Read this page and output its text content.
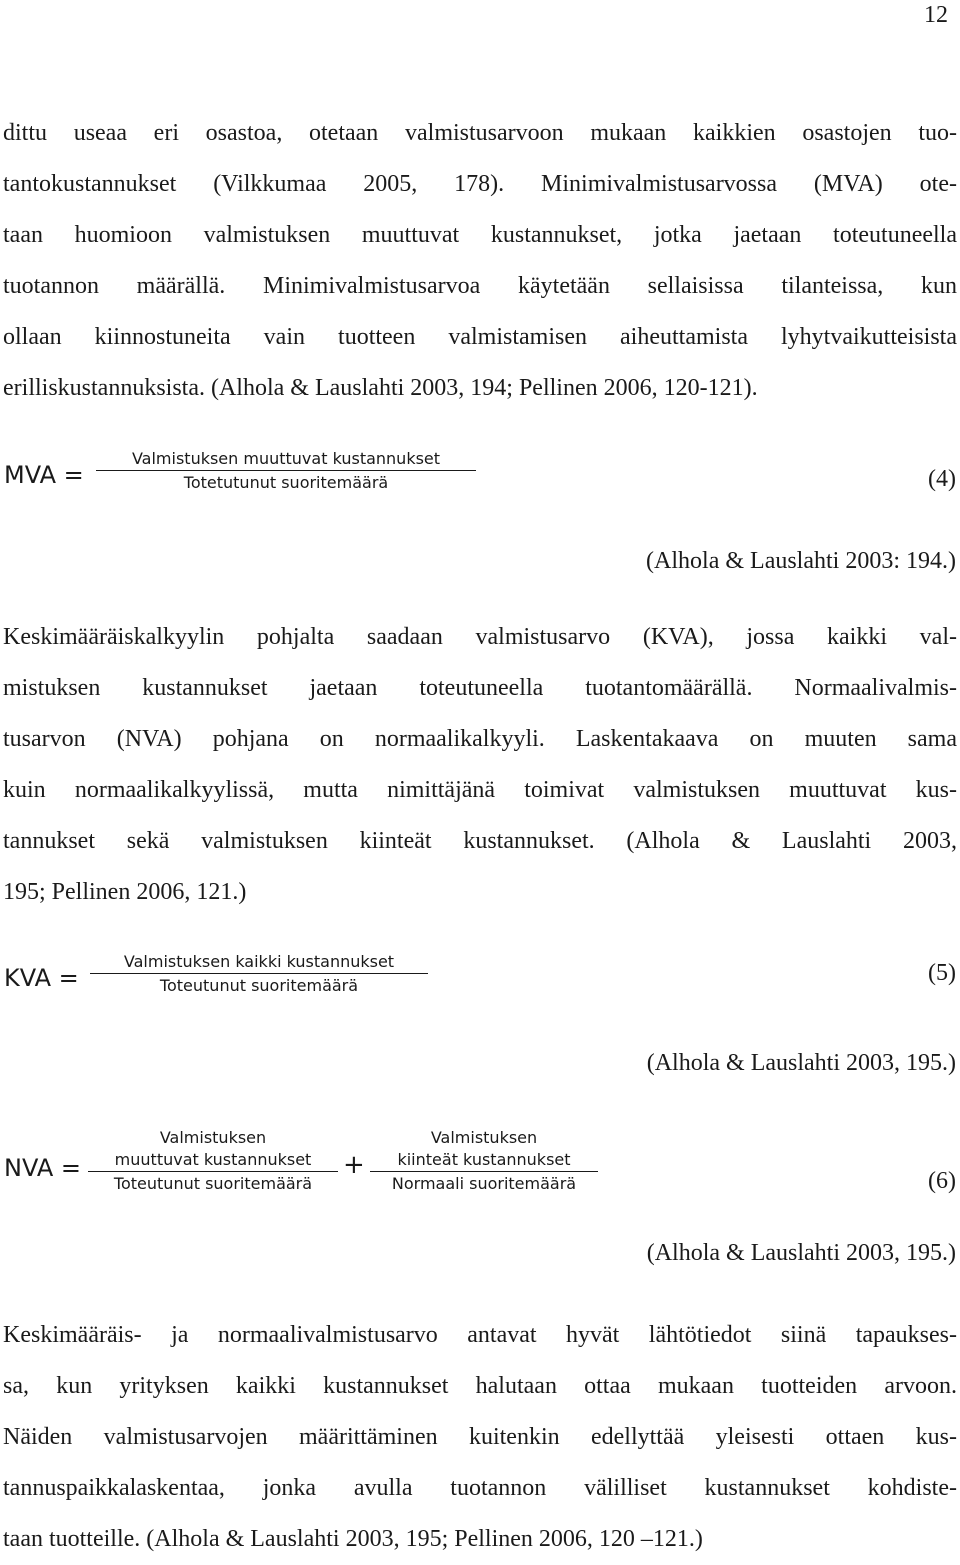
12
dittu useaa eri osastoa, otetaan valmistusarvoon mukaan kaikkien osastojen tuo-
tantokustannukset (Vilkkumaa 2005, 178). Minimivalmistusarvossa (MVA) ote-
taan huomioon valmistuksen muuttuvat kustannukset, jotka jaetaan toteutuneella
tuotannon määrällä. Minimivalmistusarvoa käytetään sellaisissa tilanteissa, kun
ollaan kiinnostuneita vain tuotteen valmistamisen aiheuttamista lyhytvaikutteisista
erilliskustannuksista. (Alhola & Lauslahti 2003, 194; Pellinen 2006, 120-121).
MVA =
Valmistuksen muuttuvat kustannukset
Totetutunut suoritemäärä	(4)
(Alhola & Lauslahti 2003: 194.)
Keskimääräiskalkyylin pohjalta saadaan valmistusarvo (KVA), jossa kaikki val-
mistuksen kustannukset jaetaan toteutuneella tuotantomäärällä. Normaalivalmis-
tusarvon (NVA) pohjana on normaalikalkyyli. Laskentakaava on muuten sama
kuin normaalikalkyylissä, mutta nimittäjänä toimivat valmistuksen muuttuvat kus-
tannukset sekä valmistuksen kiinteät kustannukset. (Alhola & Lauslahti 2003,
195; Pellinen 2006, 121.)
KVA =
Valmistuksen kaikki kustannukset
Toteutunut suoritemäärä	(5)
(Alhola & Lauslahti 2003, 195.)
NVA =
Valmistuksen
muuttuvat kustannukset
Toteutunut suoritemäärä
+
Valmistuksen
kiinteät kustannukset
Normaali suoritemäärä	(6)
(Alhola & Lauslahti 2003, 195.)
Keskimääräis- ja normaalivalmistusarvo antavat hyvät lähtötiedot siinä tapaukses-
sa, kun yrityksen kaikki kustannukset halutaan ottaa mukaan tuotteiden arvoon.
Näiden valmistusarvojen määrittäminen kuitenkin edellyttää yleisesti ottaen kus-
tannuspaikkalaskentaa, jonka avulla tuotannon välilliset kustannukset kohdiste-
taan tuotteille. (Alhola & Lauslahti 2003, 195; Pellinen 2006, 120 –121.)
